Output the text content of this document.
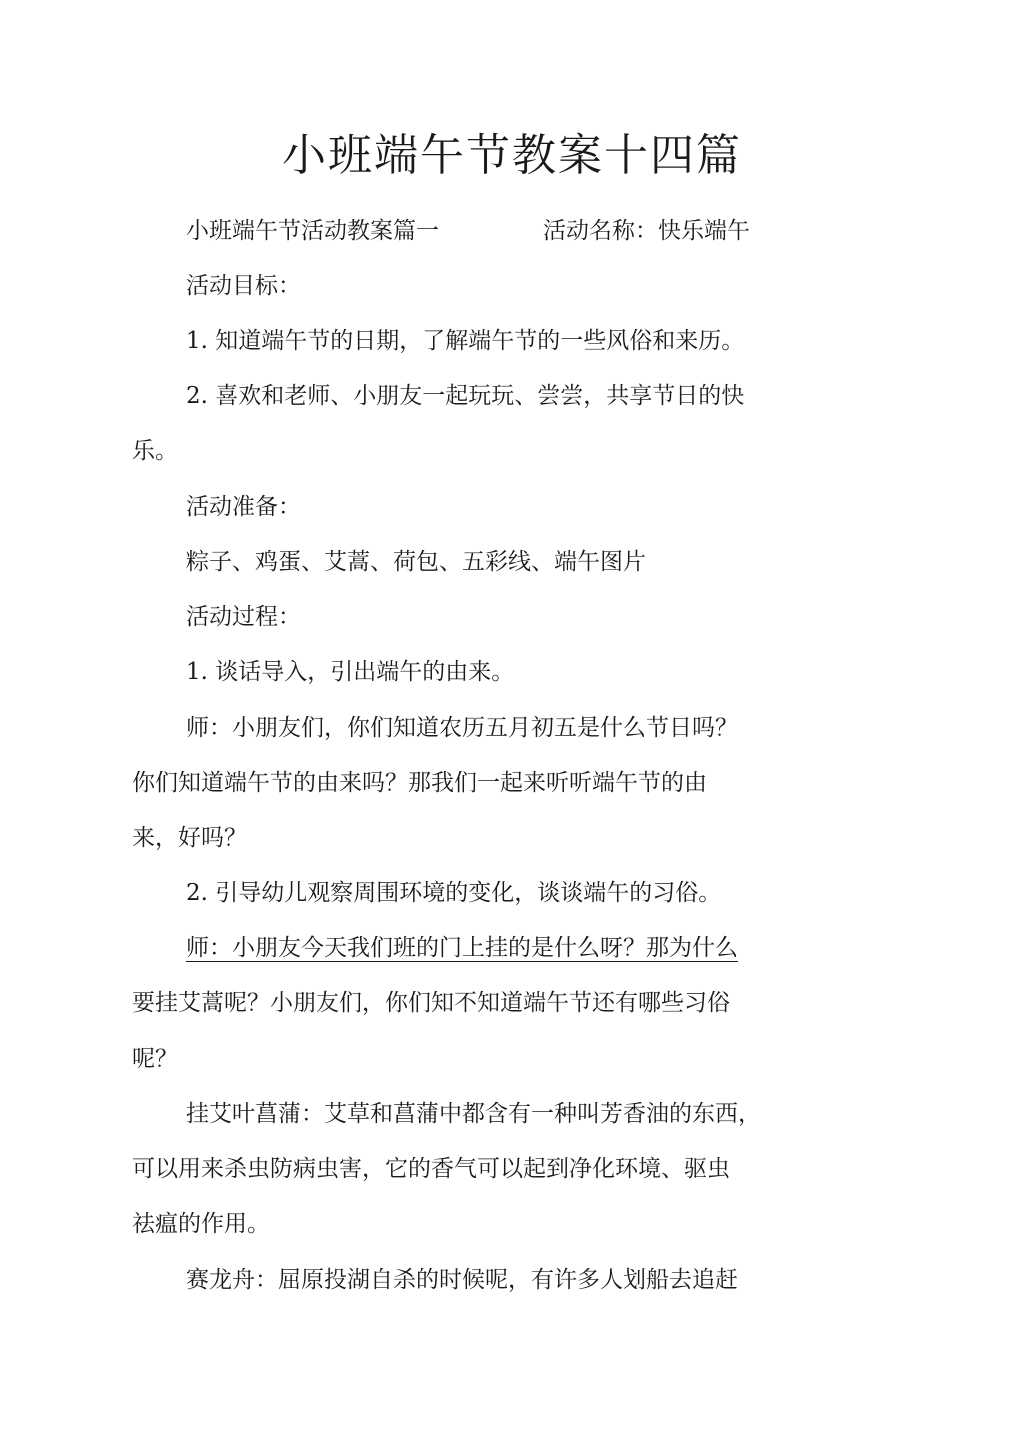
小班端午节教案十四篇

小班端午节活动教案篇一	活动名称：快乐端午

活动目标：

1. 知道端午节的日期，了解端午节的一些风俗和来历。

2. 喜欢和老师、小朋友一起玩玩、尝尝，共享节日的快

乐。

活动准备：

粽子、鸡蛋、艾蒿、荷包、五彩线、端午图片

活动过程：

1. 谈话导入，引出端午的由来。

师：小朋友们，你们知道农历五月初五是什么节日吗？

你们知道端午节的由来吗？那我们一起来听听端午节的由

来，好吗？

2. 引导幼儿观察周围环境的变化，谈谈端午的习俗。

师：小朋友今天我们班的门上挂的是什么呀？那为什么

要挂艾蒿呢？小朋友们，你们知不知道端午节还有哪些习俗

呢？

挂艾叶菖蒲：艾草和菖蒲中都含有一种叫芳香油的东西，

可以用来杀虫防病虫害，它的香气可以起到净化环境、驱虫

祛瘟的作用。

赛龙舟：屈原投湖自杀的时候呢，有许多人划船去追赶
